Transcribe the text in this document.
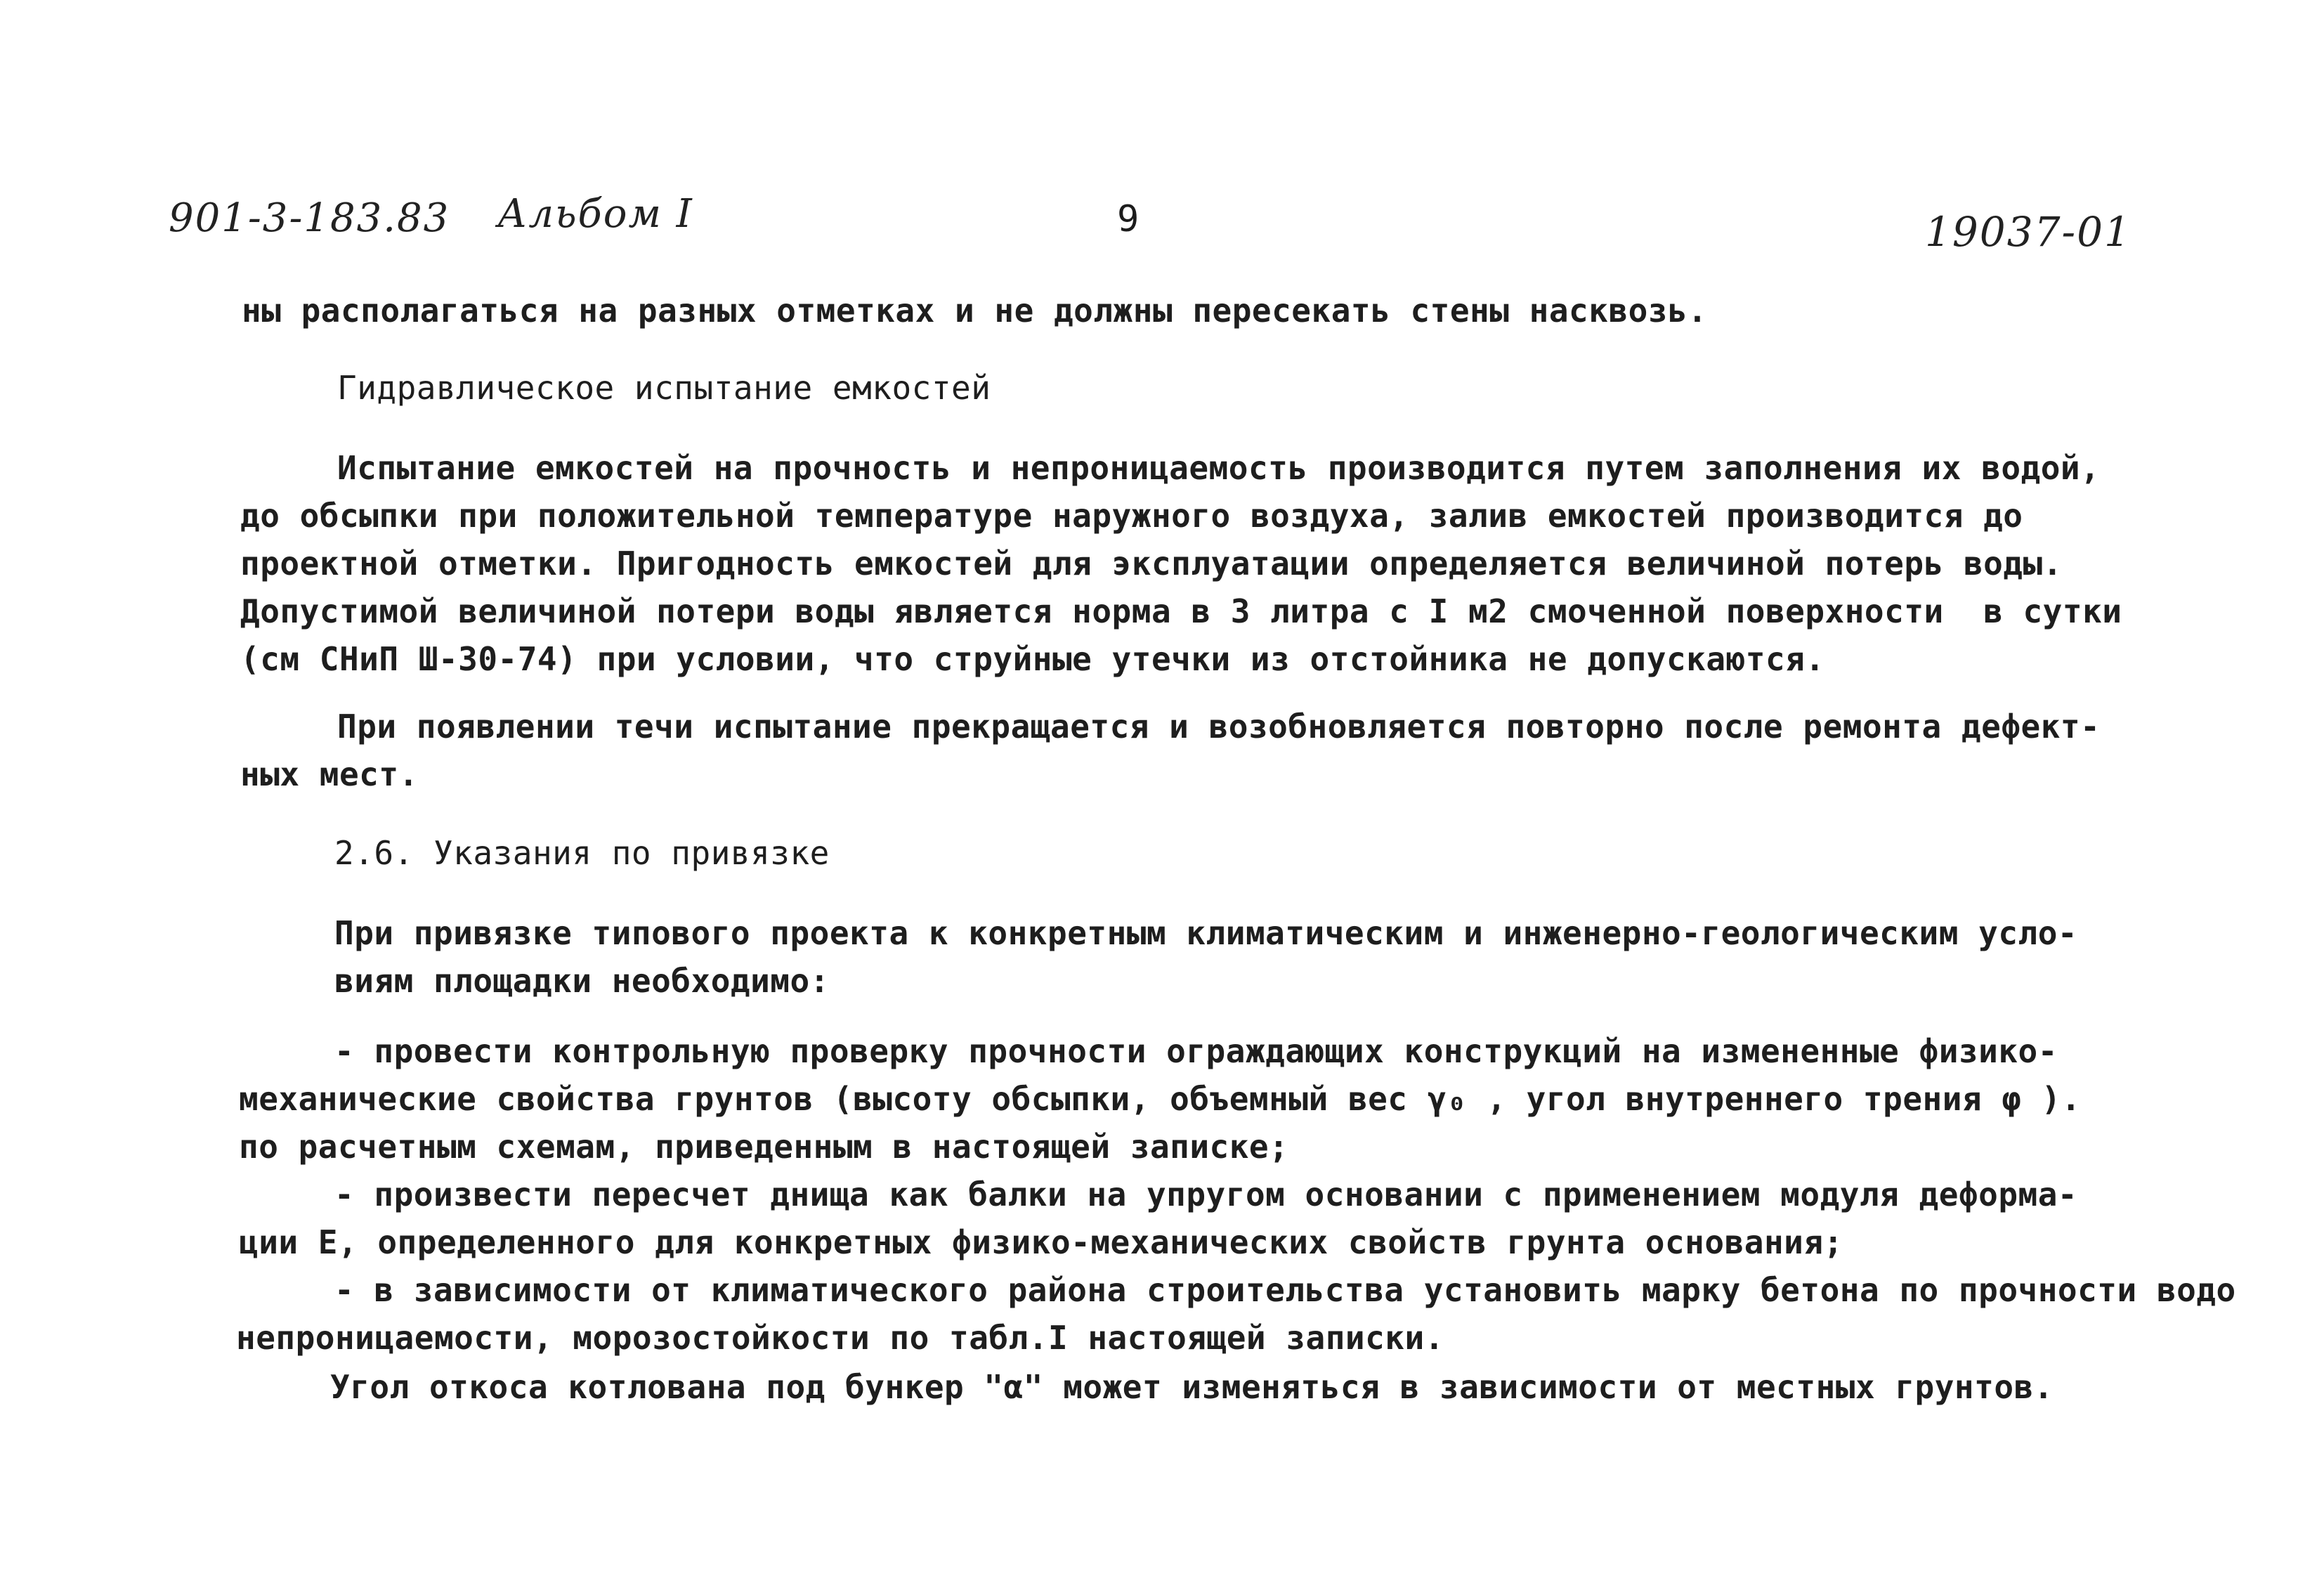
901-3-183.83 Альбом I	9	19037-01
ны располагаться на разных отметках и не должны пересекать стены насквозь.
Гидравлическое испытание емкостей
Испытание емкостей на прочность и непроницаемость производится путем заполнения их водой,
до обсыпки при положительной температуре наружного воздуха, залив емкостей производится до
проектной отметки. Пригодность емкостей для эксплуатации определяется величиной потерь воды.
Допустимой величиной потери воды является норма в 3 литра с I м2 смоченной поверхности  в сутки
(см СНиП Ш-30-74) при условии, что струйные утечки из отстойника не допускаются.
При появлении течи испытание прекращается и возобновляется повторно после ремонта дефект-
ных мест.
2.6. Указания по привязке
При привязке типового проекта к конкретным климатическим и инженерно-геологическим усло-
виям площадки необходимо:
- провести контрольную проверку прочности ограждающих конструкций на измененные физико-
механические свойства грунтов (высоту обсыпки, объемный вес γ₀ , угол внутреннего трения φ ).
по расчетным схемам, приведенным в настоящей записке;
- произвести пересчет днища как балки на упругом основании с применением модуля деформа-
ции Е, определенного для конкретных физико-механических свойств грунта основания;
- в зависимости от климатического района строительства установить марку бетона по прочности водо
непроницаемости, морозостойкости по табл.I настоящей записки.
Угол откоса котлована под бункер "α" может изменяться в зависимости от местных грунтов.
